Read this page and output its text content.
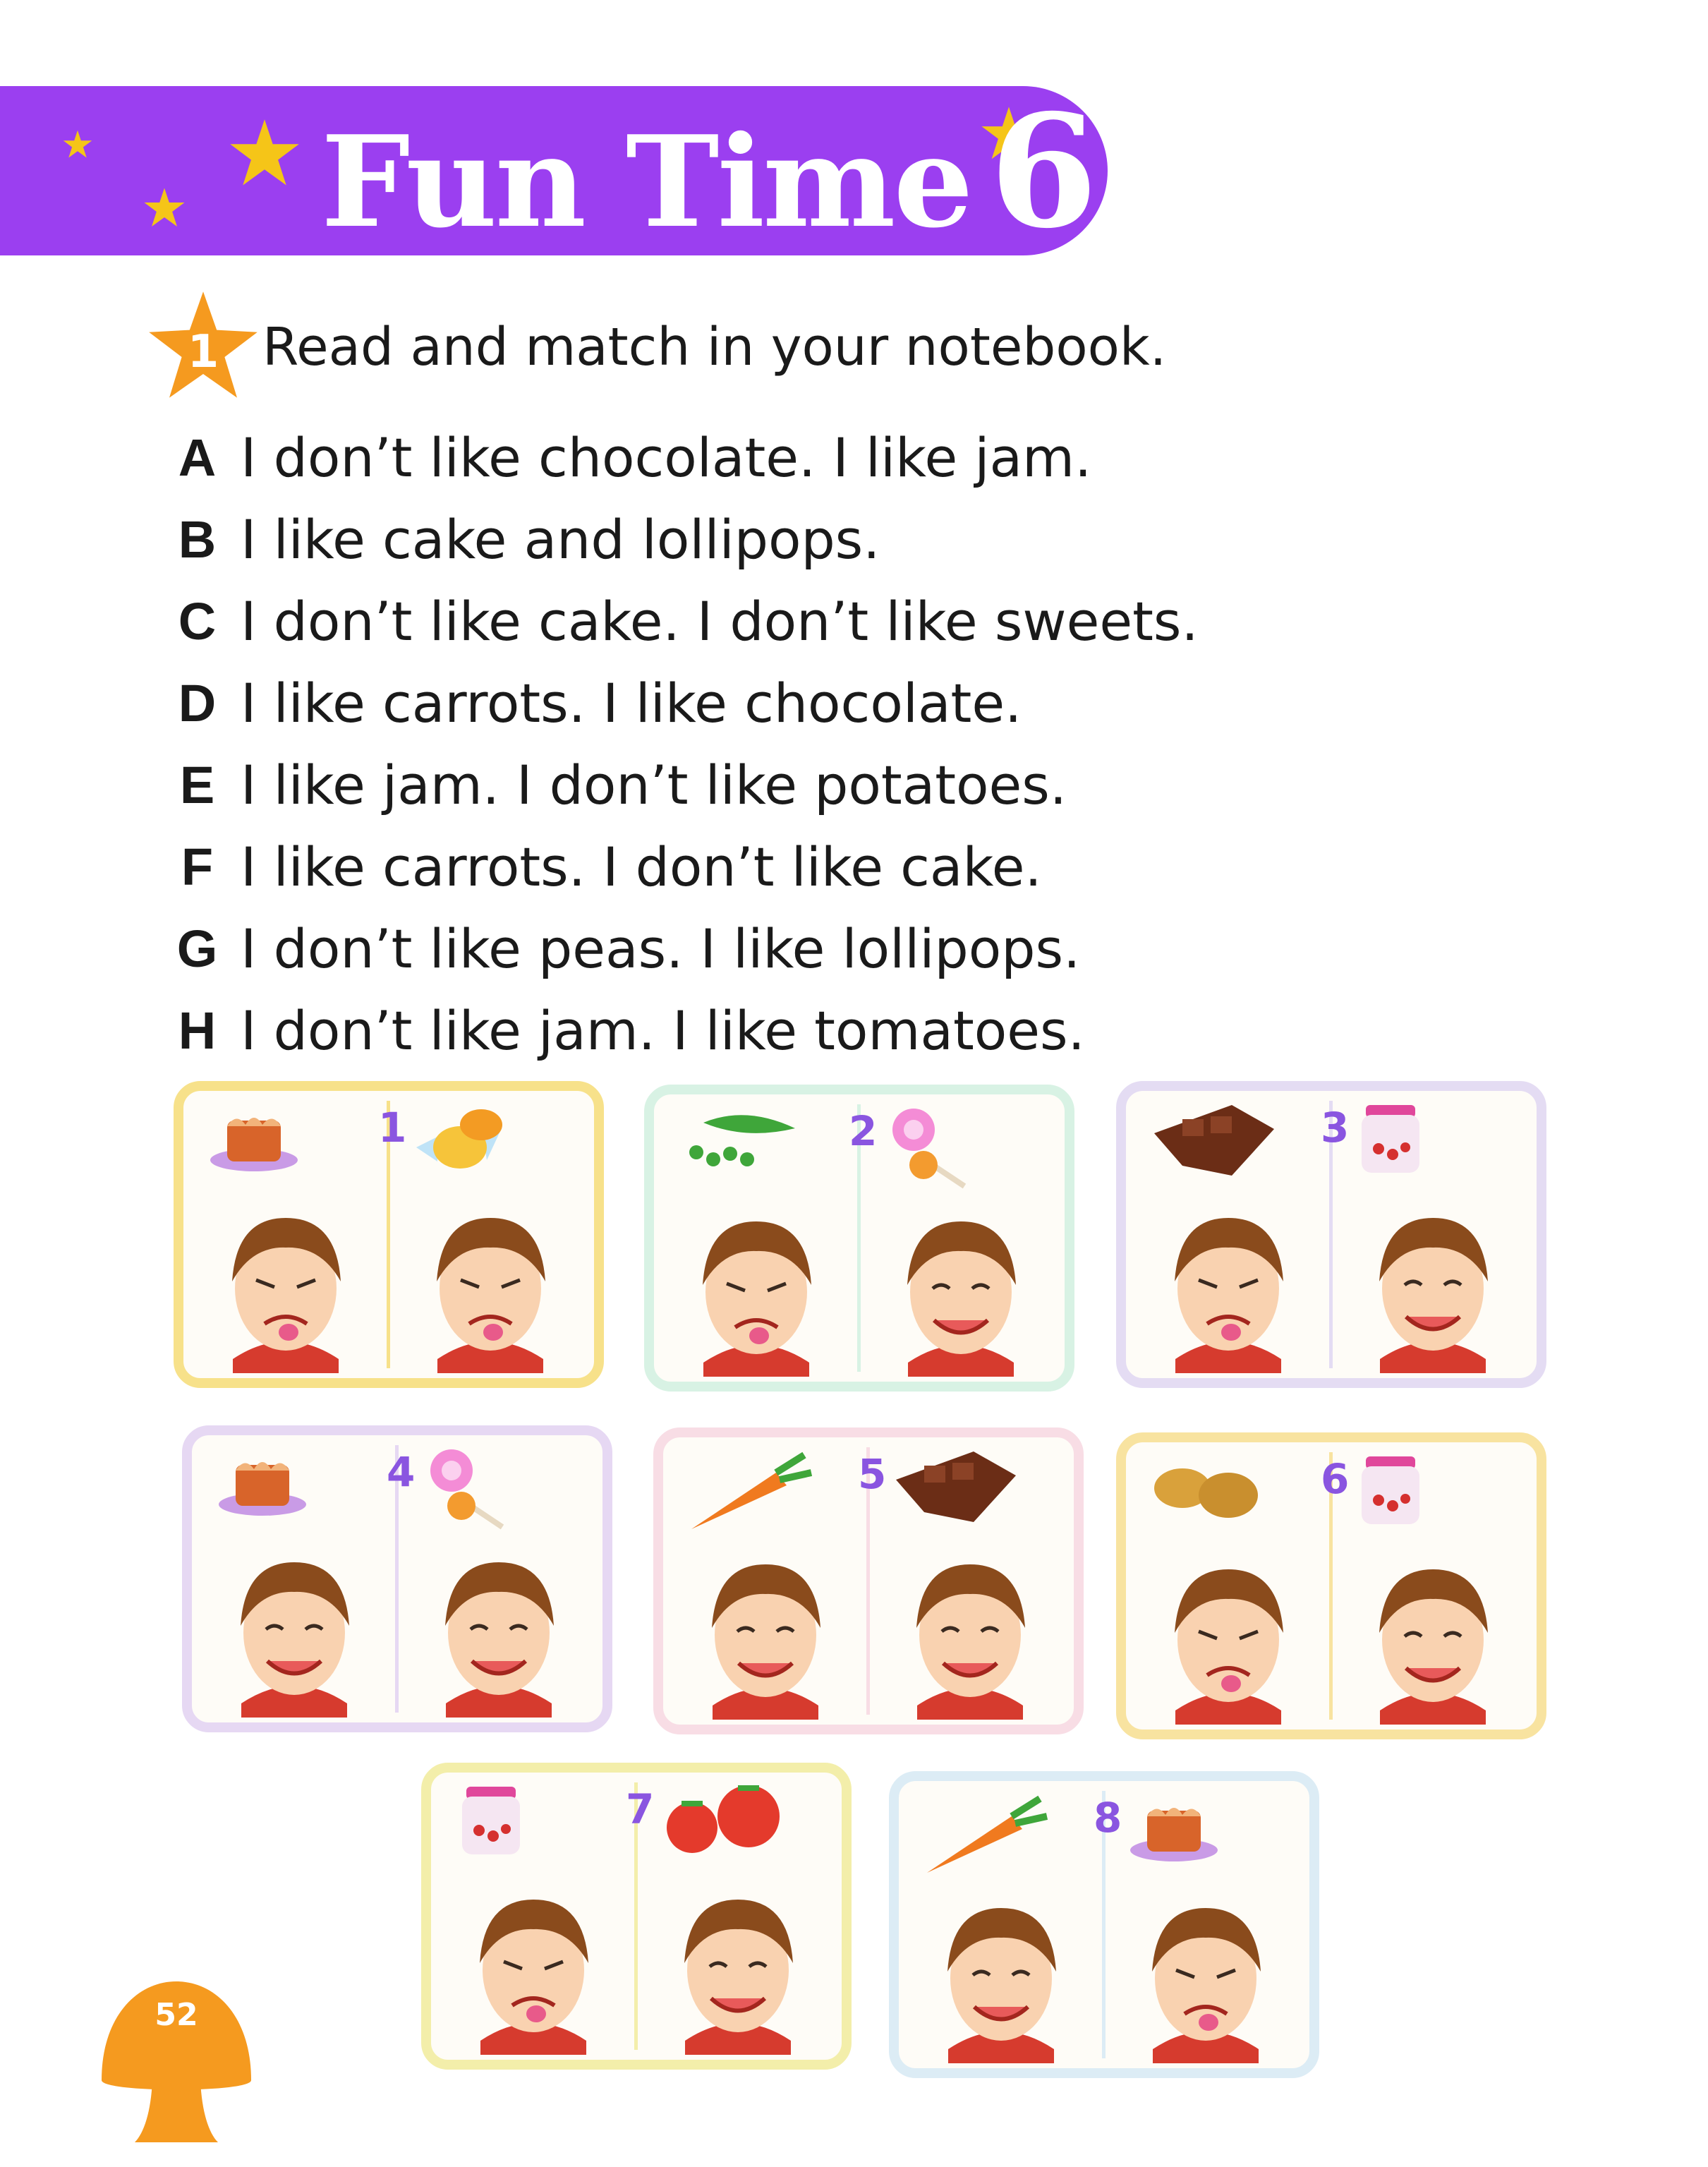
Fun Time 6
1 Read and match in your notebook.
A I don’t like chocolate. I like jam.
B I like cake and lollipops.
C I don’t like cake. I don’t like sweets.
D I like carrots. I like chocolate.
E I like jam. I don’t like potatoes.
F I like carrots. I don’t like cake.
G I don’t like peas. I like lollipops.
H I don’t like jam. I like tomatoes.
1	2	3
4	5	6
7	8
52
